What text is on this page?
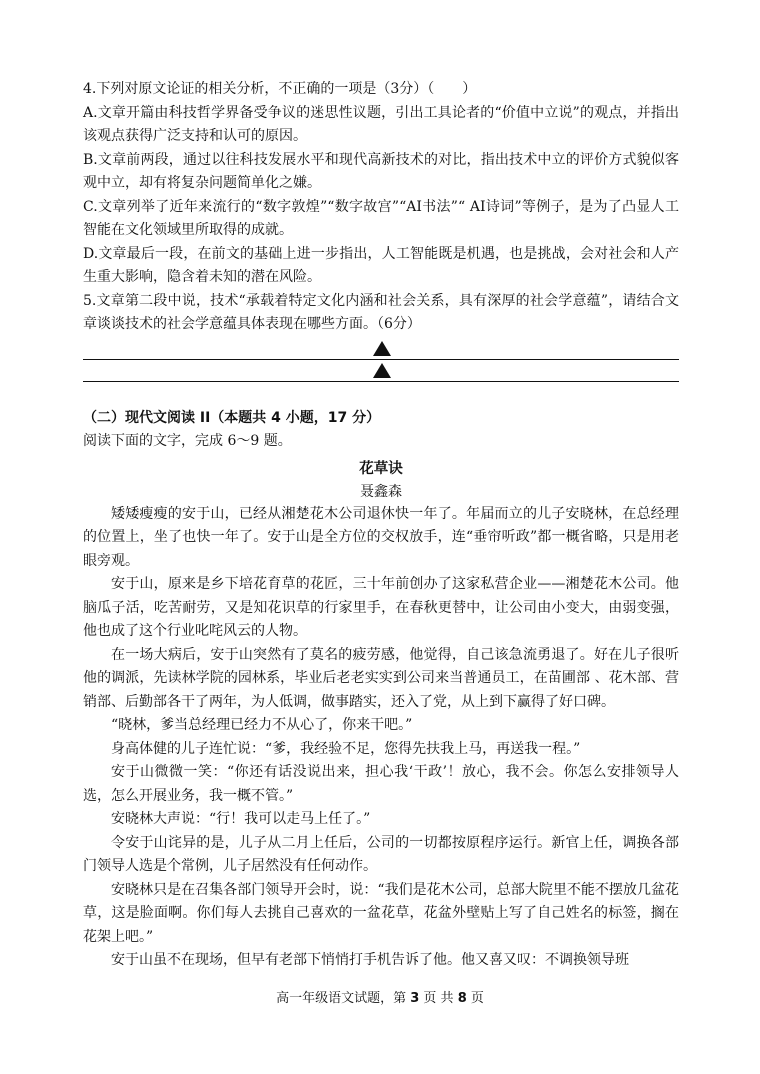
4.下列对原文论证的相关分析，不正确的一项是（3分）（　　）

A.文章开篇由科技哲学界备受争议的迷思性议题，引出工具论者的“价值中立说”的观点，并指出该观点获得广泛支持和认可的原因。

B.文章前两段，通过以往科技发展水平和现代高新技术的对比，指出技术中立的评价方式貌似客观中立，却有将复杂问题简单化之嫌。

C.文章列举了近年来流行的“数字敦煌”“数字故宫”“AI书法”“ AI诗词”等例子，是为了凸显人工智能在文化领域里所取得的成就。

D.文章最后一段，在前文的基础上进一步指出，人工智能既是机遇，也是挑战，会对社会和人产生重大影响，隐含着未知的潜在风险。

5.文章第二段中说，技术“承载着特定文化内涵和社会关系，具有深厚的社会学意蕴”，请结合文章谈谈技术的社会学意蕴具体表现在哪些方面。（6分）

（二）现代文阅读 II（本题共 4 小题，17 分）

阅读下面的文字，完成 6～9 题。

花草诀
聂鑫森

矮矮瘦瘦的安于山，已经从湘楚花木公司退休快一年了。年届而立的儿子安晓林，在总经理的位置上，坐了也快一年了。安于山是全方位的交权放手，连“垂帘听政”都一概省略，只是用老眼旁观。

安于山，原来是乡下培花育草的花匠，三十年前创办了这家私营企业——湘楚花木公司。他脑瓜子活，吃苦耐劳，又是知花识草的行家里手，在春秋更替中，让公司由小变大，由弱变强，他也成了这个行业叱咤风云的人物。

在一场大病后，安于山突然有了莫名的疲劳感，他觉得，自己该急流勇退了。好在儿子很听他的调派，先读林学院的园林系，毕业后老老实实到公司来当普通员工，在苗圃部 、花木部、营销部、后勤部各干了两年，为人低调，做事踏实，还入了党，从上到下赢得了好口碑。

“晓林，爹当总经理已经力不从心了，你来干吧。”

身高体健的儿子连忙说：“爹，我经验不足，您得先扶我上马，再送我一程。”

安于山微微一笑：“你还有话没说出来，担心我‘干政’！放心，我不会。你怎么安排领导人选，怎么开展业务，我一概不管。”

安晓林大声说：“行！我可以走马上任了。”

令安于山诧异的是，儿子从二月上任后，公司的一切都按原程序运行。新官上任，调换各部门领导人选是个常例，儿子居然没有任何动作。

安晓林只是在召集各部门领导开会时，说：“我们是花木公司，总部大院里不能不摆放几盆花草，这是脸面啊。你们每人去挑自己喜欢的一盆花草，花盆外壁贴上写了自己姓名的标签，搁在花架上吧。”

安于山虽不在现场，但早有老部下悄悄打手机告诉了他。他又喜又叹：不调换领导班

高一年级语文试题，第 3 页 共 8 页
